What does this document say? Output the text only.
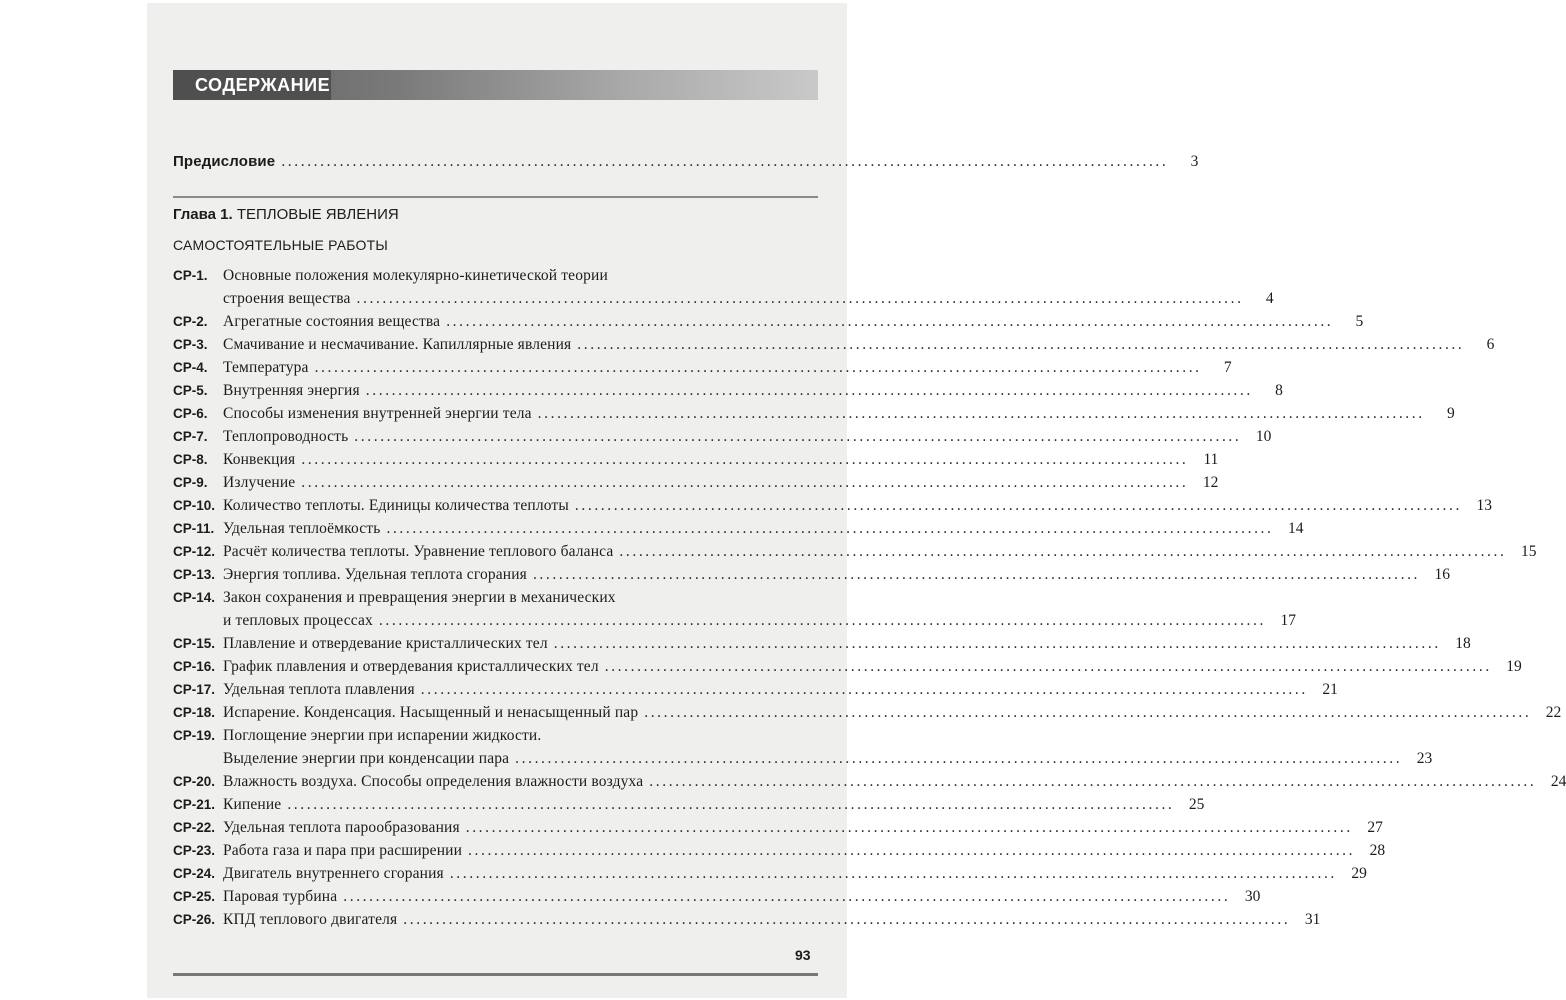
СОДЕРЖАНИЕ
Предисловие .........................................................................................................................................	3
Глава 1. ТЕПЛОВЫЕ ЯВЛЕНИЯ
САМОСТОЯТЕЛЬНЫЕ РАБОТЫ
СР-1. Основные положения молекулярно-кинетической теории
строения вещества .........................................................................................................................................	4
СР-2. Агрегатные состояния вещества .........................................................................................................................................	5
СР-3. Смачивание и несмачивание. Капиллярные явления .........................................................................................................................................	6
СР-4. Температура .........................................................................................................................................	7
СР-5. Внутренняя энергия .........................................................................................................................................	8
СР-6. Способы изменения внутренней энергии тела .........................................................................................................................................	9
СР-7. Теплопроводность ......................................................................................................................................... 10
СР-8. Конвекция ......................................................................................................................................... 11
СР-9. Излучение ......................................................................................................................................... 12
СР-10. Количество теплоты. Единицы количества теплоты ......................................................................................................................................... 13
СР-11. Удельная теплоёмкость ......................................................................................................................................... 14
СР-12. Расчёт количества теплоты. Уравнение теплового баланса ......................................................................................................................................... 15
СР-13. Энергия топлива. Удельная теплота сгорания ......................................................................................................................................... 16
СР-14. Закон сохранения и превращения энергии в механических
и тепловых процессах ......................................................................................................................................... 17
СР-15. Плавление и отвердевание кристаллических тел ......................................................................................................................................... 18
СР-16. График плавления и отвердевания кристаллических тел ......................................................................................................................................... 19
СР-17. Удельная теплота плавления ......................................................................................................................................... 21
СР-18. Испарение. Конденсация. Насыщенный и ненасыщенный пар ......................................................................................................................................... 22
СР-19. Поглощение энергии при испарении жидкости.
Выделение энергии при конденсации пара ......................................................................................................................................... 23
СР-20. Влажность воздуха. Способы определения влажности воздуха ......................................................................................................................................... 24
СР-21. Кипение ......................................................................................................................................... 25
СР-22. Удельная теплота парообразования ......................................................................................................................................... 27
СР-23. Работа газа и пара при расширении ......................................................................................................................................... 28
СР-24. Двигатель внутреннего сгорания ......................................................................................................................................... 29
СР-25. Паровая турбина ......................................................................................................................................... 30
СР-26. КПД теплового двигателя ......................................................................................................................................... 31
93
